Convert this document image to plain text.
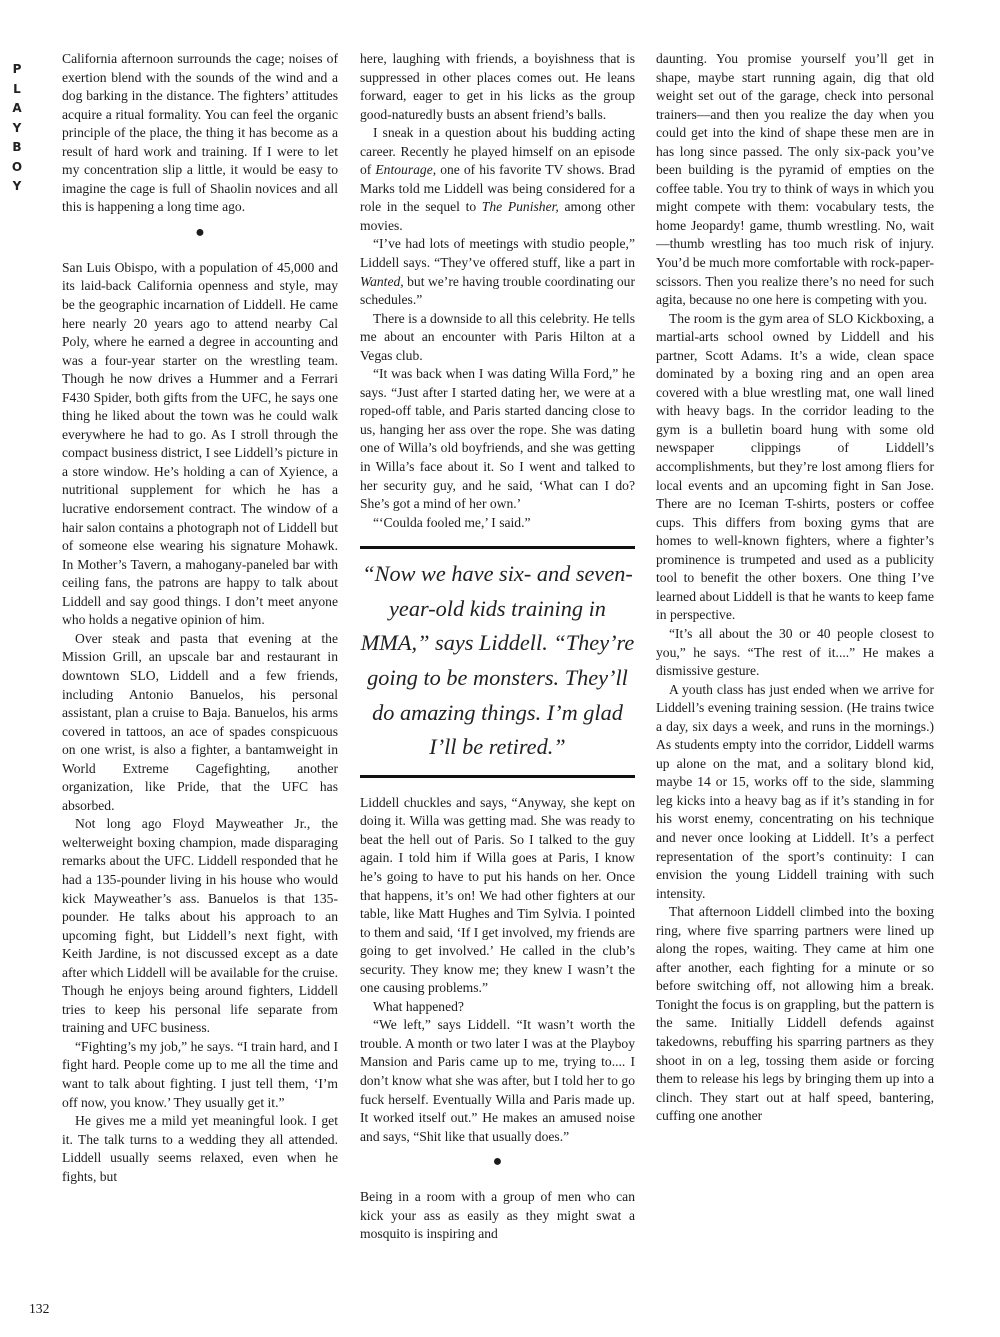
P
L
A
Y
B
O
Y

California afternoon surrounds the cage; noises of exertion blend with the sounds of the wind and a dog barking in the distance. The fighters’ attitudes acquire a ritual formality. You can feel the organic principle of the place, the thing it has become as a result of hard work and training. If I were to let my concentration slip a little, it would be easy to imagine the cage is full of Shaolin novices and all this is happening a long time ago.

●

San Luis Obispo, with a population of 45,000 and its laid-back California openness and style, may be the geographic incarnation of Liddell. He came here nearly 20 years ago to attend nearby Cal Poly, where he earned a degree in accounting and was a four-year starter on the wrestling team. Though he now drives a Hummer and a Ferrari F430 Spider, both gifts from the UFC, he says one thing he liked about the town was he could walk everywhere he had to go. As I stroll through the compact business district, I see Liddell’s picture in a store window. He’s holding a can of Xyience, a nutritional supplement for which he has a lucrative endorsement contract. The window of a hair salon contains a photograph not of Liddell but of someone else wearing his signature Mohawk. In Mother’s Tavern, a mahogany-paneled bar with ceiling fans, the patrons are happy to talk about Liddell and say good things. I don’t meet anyone who holds a negative opinion of him.

Over steak and pasta that evening at the Mission Grill, an upscale bar and restaurant in downtown SLO, Liddell and a few friends, including Antonio Banuelos, his personal assistant, plan a cruise to Baja. Banuelos, his arms covered in tattoos, an ace of spades conspicuous on one wrist, is also a fighter, a bantamweight in World Extreme Cagefighting, another organization, like Pride, that the UFC has absorbed.

Not long ago Floyd Mayweather Jr., the welterweight boxing champion, made disparaging remarks about the UFC. Liddell responded that he had a 135-pounder living in his house who would kick Mayweather’s ass. Banuelos is that 135-pounder. He talks about his approach to an upcoming fight, but Liddell’s next fight, with Keith Jardine, is not discussed except as a date after which Liddell will be available for the cruise. Though he enjoys being around fighters, Liddell tries to keep his personal life separate from training and UFC business.

“Fighting’s my job,” he says. “I train hard, and I fight hard. People come up to me all the time and want to talk about fighting. I just tell them, ‘I’m off now, you know.’ They usually get it.”

He gives me a mild yet meaningful look. I get it. The talk turns to a wedding they all attended. Liddell usually seems relaxed, even when he fights, but

here, laughing with friends, a boyishness that is suppressed in other places comes out. He leans forward, eager to get in his licks as the group good-naturedly busts an absent friend’s balls.

I sneak in a question about his budding acting career. Recently he played himself on an episode of Entourage, one of his favorite TV shows. Brad Marks told me Liddell was being considered for a role in the sequel to The Punisher, among other movies.

“I’ve had lots of meetings with studio people,” Liddell says. “They’ve offered stuff, like a part in Wanted, but we’re having trouble coordinating our schedules.”

There is a downside to all this celebrity. He tells me about an encounter with Paris Hilton at a Vegas club.

“It was back when I was dating Willa Ford,” he says. “Just after I started dating her, we were at a roped-off table, and Paris started dancing close to us, hanging her ass over the rope. She was dating one of Willa’s old boyfriends, and she was getting in Willa’s face about it. So I went and talked to her security guy, and he said, ‘What can I do? She’s got a mind of her own.’

“‘Coulda fooled me,’ I said.”

“Now we have six- and seven-year-old kids training in MMA,” says Liddell. “They’re going to be monsters. They’ll do amazing things. I’m glad I’ll be retired.”

Liddell chuckles and says, “Anyway, she kept on doing it. Willa was getting mad. She was ready to beat the hell out of Paris. So I talked to the guy again. I told him if Willa goes at Paris, I know he’s going to have to put his hands on her. Once that happens, it’s on! We had other fighters at our table, like Matt Hughes and Tim Sylvia. I pointed to them and said, ‘If I get involved, my friends are going to get involved.’ He called in the club’s security. They know me; they knew I wasn’t the one causing problems.”

What happened?

“We left,” says Liddell. “It wasn’t worth the trouble. A month or two later I was at the Playboy Mansion and Paris came up to me, trying to.... I don’t know what she was after, but I told her to go fuck herself. Eventually Willa and Paris made up. It worked itself out.” He makes an amused noise and says, “Shit like that usually does.”

●

Being in a room with a group of men who can kick your ass as easily as they might swat a mosquito is inspiring and

daunting. You promise yourself you’ll get in shape, maybe start running again, dig that old weight set out of the garage, check into personal trainers—and then you realize the day when you could get into the kind of shape these men are in has long since passed. The only six-pack you’ve been building is the pyramid of empties on the coffee table. You try to think of ways in which you might compete with them: vocabulary tests, the home Jeopardy! game, thumb wrestling. No, wait—thumb wrestling has too much risk of injury. You’d be much more comfortable with rock-paper-scissors. Then you realize there’s no need for such agita, because no one here is competing with you.

The room is the gym area of SLO Kickboxing, a martial-arts school owned by Liddell and his partner, Scott Adams. It’s a wide, clean space dominated by a boxing ring and an open area covered with a blue wrestling mat, one wall lined with heavy bags. In the corridor leading to the gym is a bulletin board hung with some old newspaper clippings of Liddell’s accomplishments, but they’re lost among fliers for local events and an upcoming fight in San Jose. There are no Iceman T-shirts, posters or coffee cups. This differs from boxing gyms that are homes to well-known fighters, where a fighter’s prominence is trumpeted and used as a publicity tool to benefit the other boxers. One thing I’ve learned about Liddell is that he wants to keep fame in perspective.

“It’s all about the 30 or 40 people closest to you,” he says. “The rest of it....” He makes a dismissive gesture.

A youth class has just ended when we arrive for Liddell’s evening training session. (He trains twice a day, six days a week, and runs in the mornings.) As students empty into the corridor, Liddell warms up alone on the mat, and a solitary blond kid, maybe 14 or 15, works off to the side, slamming leg kicks into a heavy bag as if it’s standing in for his worst enemy, concentrating on his technique and never once looking at Liddell. It’s a perfect representation of the sport’s continuity: I can envision the young Liddell training with such intensity.

That afternoon Liddell climbed into the boxing ring, where five sparring partners were lined up along the ropes, waiting. They came at him one after another, each fighting for a minute or so before switching off, not allowing him a break. Tonight the focus is on grappling, but the pattern is the same. Initially Liddell defends against takedowns, rebuffing his sparring partners as they shoot in on a leg, tossing them aside or forcing them to release his legs by bringing them up into a clinch. They start out at half speed, bantering, cuffing one another

132
